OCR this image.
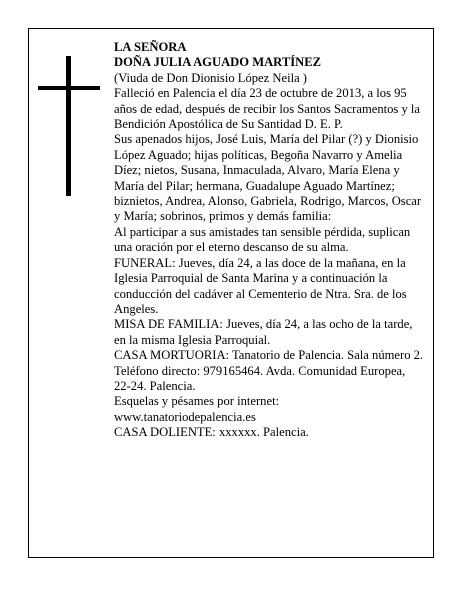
LA SEÑORA

DOÑA JULIA AGUADO MARTÍNEZ

(Viuda de Don Dionisio López Neila )

Falleció en Palencia el día 23 de octubre de 2013, a los 95 años de edad, después de recibir los Santos Sacramentos y la Bendición Apostólica de Su Santidad D. E. P.

Sus apenados hijos, José Luis, María del Pilar (?) y Dionisio López Aguado; hijas políticas, Begoña Navarro y Amelia Díez; nietos, Susana, Inmaculada, Alvaro, María Elena y María del Pilar; hermana, Guadalupe Aguado Martínez; biznietos, Andrea, Alonso, Gabriela, Rodrigo, Marcos, Oscar y María; sobrinos, primos y demás familia:

Al participar a sus amistades tan sensible pérdida, suplican una oración por el eterno descanso de su alma.

FUNERAL: Jueves, día 24, a las doce de la mañana, en la Iglesia Parroquial de Santa Marina y a continuación la conducción del cadáver al Cementerio de Ntra. Sra. de los Angeles.

MISA DE FAMILIA: Jueves, día 24, a las ocho de la tarde, en la misma Iglesia Parroquial.

CASA MORTUORIA: Tanatorio de Palencia. Sala número 2. Teléfono directo: 979165464. Avda. Comunidad Europea, 22-24. Palencia.

Esquelas y pésames por internet: www.tanatoriodepalencia.es

CASA DOLIENTE: xxxxxx. Palencia.
